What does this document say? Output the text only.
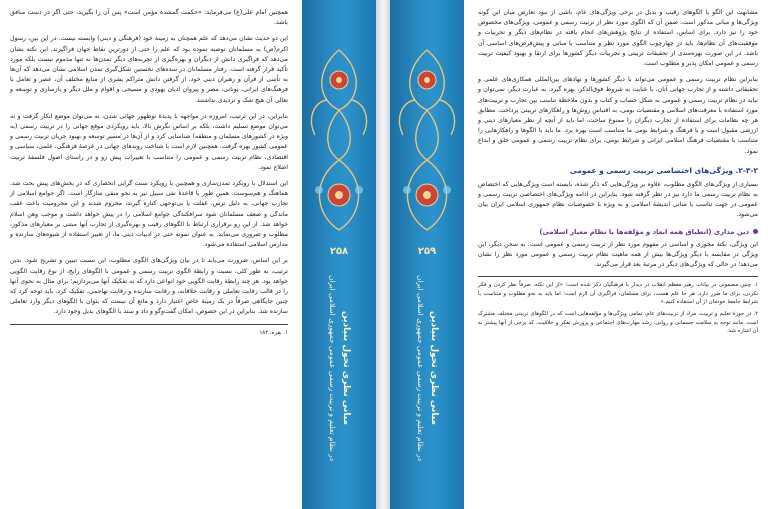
همچنین امام علی(ع) می‌فرماید: «حکمت گمشدهٔ مؤمن است» پس آن را بگیرید، حتی اگر در دست منافق باشد.

این دو حدیث نشان می‌دهد که علم همچنان به زمینهٔ خود (فرهنگی و دینی) وابسته نیست. در این بین، رسول اکرم(ص) به مسلمانان توصیه نموده بود که علم را حتی از دورترین نقاط جهان فراگیرند. این نکته نشان می‌دهد که فراگیری دانش از دیگران و بهره‌گیری از تجربه‌های دیگر تمدن‌ها نه تنها مذموم نیست بلکه مورد تأکید قرار گرفته است. رفتار مسلمانان در سده‌های نخستین شکل‌گیری تمدن اسلامی نشان می‌دهد که آن‌ها به تأسی از قرآن و رهبران دینی خود، از گرفتن دانش متراکم بشری از منابع مختلف آن، عصر و تعامل با فرهنگ‌های ایرانی، یونانی، مصر و پیروان ادیان یهودی و مسیحی و اقوام و ملل دیگر و بازسازی و توسعه و تعالی آن هیچ شک و تردیدی نداشتند.

بنابراین، در این ترتیب، امروزه در مواجهه با پدیدهٔ نوظهور جهانی شدن، نه می‌توان موضع انکار گرفت و نه می‌توان موضع تسلیم داشت، بلکه بر اساس نگرش بالا، باید رویکردی موقع جهانی را در تربیت رسمی (به ویژه در کشورهای مسلمان و منطقه) شناسایی کرد و از آن‌ها در مسیر توسعه و بهبود جریان تربیت رسمی و عمومی کشور بهره گرفت. همچنین لازم است با شناخت روندهای جهانی در عرصهٔ فرهنگی، علمی، سیاسی و اقتصادی، نظام تربیت رسمی و عمومی را متناسب با تغییرات پیش رو و در راستای اصول فلسفهٔ تربیت اصلاح نمود.

این استدلال با رویکرد تمدن‌سازی و همچنین با رویکرد سنت گرایی انحصاری که در بخش‌های پیش بحث شد، هماهنگ و هم‌سوست. همین طور با قاعدهٔ نفی سبیل نیز به نحو منفی سازگار است. اگر جوامع اسلامی از تجارب جهانی، به دلیل ترس، غفلت یا بی‌توجهی کناره گیرند، محروم شدند و این محرومیت باعث عقب ماندگی و ضعف مسلمانان شود سرافکندگی جوامع اسلامی را در پیش خواهد داشت و موجب وهن اسلام خواهد شد. از این رو برقراری ارتباط با الگوهای رقیب و بهره‌گیری از تجارب آنها مبتنی بر معیارهای مذکور، مطلوب و ضروری می‌نماید. به عنوان نمونه حتی در ادبیات دینی ما، از تعبیر استفاده از شیوه‌های سازنده و مدارس اسلامی استفاده می‌شود.

بر این اساس، ضرورت می‌یابد تا در بیان ویژگی‌های الگوی مطلوب، این نسبت تبیین و تشریح شود. بدین ترتیب، به طور کلی، نسبت و رابطهٔ الگوی تربیت رسمی و عمومی با الگوهای رایج، از نوع رقابت الگویی خواهد بود. هر چند رابطهٔ رقابت الگویی خود انواعی دارد که به تفکیک آنها می‌پردازیم؛ برای مثال به نحوی آنها را در قالب رقابت تعاملی و رقابت خلاقانه، و رقابت سازنده و رقابت تهاجمی، تفکیک کرد. باید توجه کرد که چنین جایگاهی صرفاً در یک زمینهٔ خاص اعتبار دارد و مانع آن نیست که بتوان با الگوهای دیگر وارد تعاملی سازنده شد. بنابراین در این خصوص، امکان گفت‌وگو و داد و ستد با الگوهای بدیل وجود دارد.

۱. بقره، ۱۸۴

۲۵۸
مبانی نظری تحول بنیادین
در نظام تعلیم و تربیت رسمی عمومی جمهوری اسلامی ایران
۲۵۹
مبانی نظری تحول بنیادین
در نظام تعلیم و تربیت رسمی عمومی جمهوری اسلامی ایران

مشابهت این الگو با الگوهای رقیب و بدیل در برخی ویژگی‌های عام، ناشی از نبود تعارض میان این گونه ویژگی‌ها و مبانی مذکور است. ضمن آن که الگوی مورد نظر از تربیت رسمی و عمومی، ویژگی‌های مخصوص خود را نیز دارد. برای اساس، استفاده از نتایج پژوهش‌های انجام یافته در نظام‌های دیگر و تجربیات و موفقیت‌های آن نظام‌ها، باید در چهارچوب الگوی مورد نظر و متناسب با مبانی و پیش‌فرض‌های اساسی آن باشد. در این صورت بهره‌مندی از تحقیقات تربیتی و تجربیات دیگر کشورها برای ارتقا و بهبود کیفیت تربیت رسمی و عمومی امکان پذیر و مطلوب است.

بنابراین نظام تربیت رسمی و عمومی می‌تواند با دیگر کشورها و نهادهای بین‌المللی همکاری‌های علمی و تحقیقاتی داشته و از تجارب جهانی آنان، با عنایت به شروط فوق‌الذکر، بهره گیرد. به عبارت دیگر، نمی‌توان و نباید در نظام تربیت رسمی و عمومی به شکل حساب و کتاب و بدون ملاحظهٔ تناسب بین تجارب و تربیت‌های مورد استفاده با معرفت‌های اسلامی و مقتضیات بومی، به اقتباس روش‌ها و راهکارهای تربیتی پرداخت. مطابق هر چه نظامات برای استفاده از تجارب دیگران را ممنوع ساخت، اما باید از آنچه از نظر معیارهای دینی و ارزشی مقبول است و با فرهنگ و شرایط بومی ما متناسب است بهره برد. ما باید با الگوها و راهکارهایی را متناسب با مقتضیات فرهنگ اسلامی ایرانی و شرایط بومی، برای نظام تربیت رسمی و عمومی خلق و ابداع نمود.

۲-۳-۲. ویژگی‌های اختصاصی تربیت رسمی و عمومی

بسیاری از ویژگی‌های الگوی مطلوب، علاوه بر ویژگی‌هایی که ذکر شده، بایسته است ویژگی‌هایی که اختصاص به نظام تربیت رسمی ما دارد نیز در نظر گرفته شود. بنابراین در ادامه ویژگی‌های اختصاصی تربیت رسمی و عمومی در جهت تناسب با مبانی اندیشهٔ اسلامی و به ویژه با خصوصیات نظام جمهوری اسلامی ایران بیان می‌شود.

دین مداری (انطباق همه ابعاد و مؤلفه‌ها با نظام معیار اسلامی)

این ویژگی، نکتهٔ محوری و اساسی در مفهوم مورد نظر از تربیت رسمی و عمومی است. به سخن دیگر، این ویژگی در مقایسه با دیگر ویژگی‌ها بیش از همه ماهیت نظام تربیت رسمی و عمومی مورد نظر را نشان می‌دهد؛ در حالی که ویژگی‌های دیگر در مرتبهٔ بعد قرار می‌گیرند.

۱. چنین مضمونی در بیانات رهبر معظم انقلاب در دیدار با فرهنگیان ذکر شده است؛ «از این نکته، صرفاً نظر کردن و فکر نکردن، برای ما ضرر دارد. هر جا علم هست، برای مسلمان، فراگیری آن لازم است؛ اما باید به نحو مطلوب و متناسب با شرایط جامعهٔ خودمان از آن استفاده کنیم.»

۲. در حوزهٔ تعلیم و تربیت، مراد از تربیت‌های عام، تمامی ویژگی‌ها و مؤلفه‌هایی است که در الگوهای تربیتی مختلف مشترک است. مانند توجه به سلامت جسمانی و روانی، رشد مهارت‌های اجتماعی و پرورش تفکر و خلاقیت، که برخی از آنها پیشتر به آن اشاره شد.
